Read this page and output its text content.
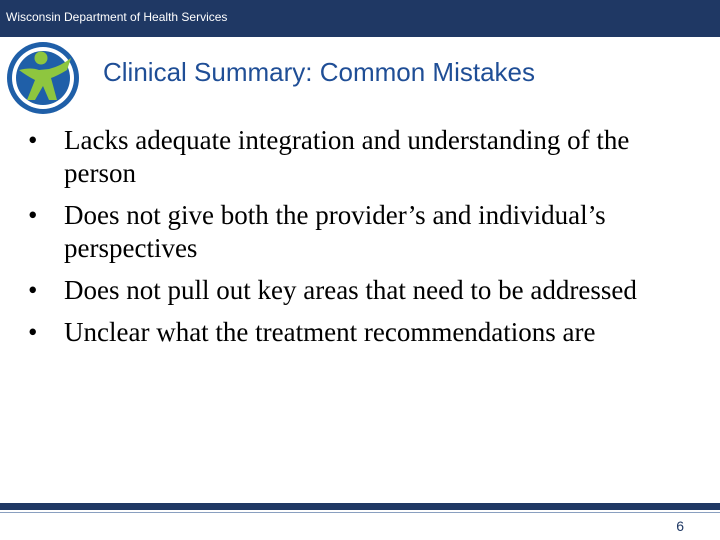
Wisconsin Department of Health Services
Clinical Summary: Common Mistakes
• Lacks adequate integration and understanding of the person
• Does not give both the provider’s and individual’s perspectives
• Does not pull out key areas that need to be addressed
• Unclear what the treatment recommendations are
6
